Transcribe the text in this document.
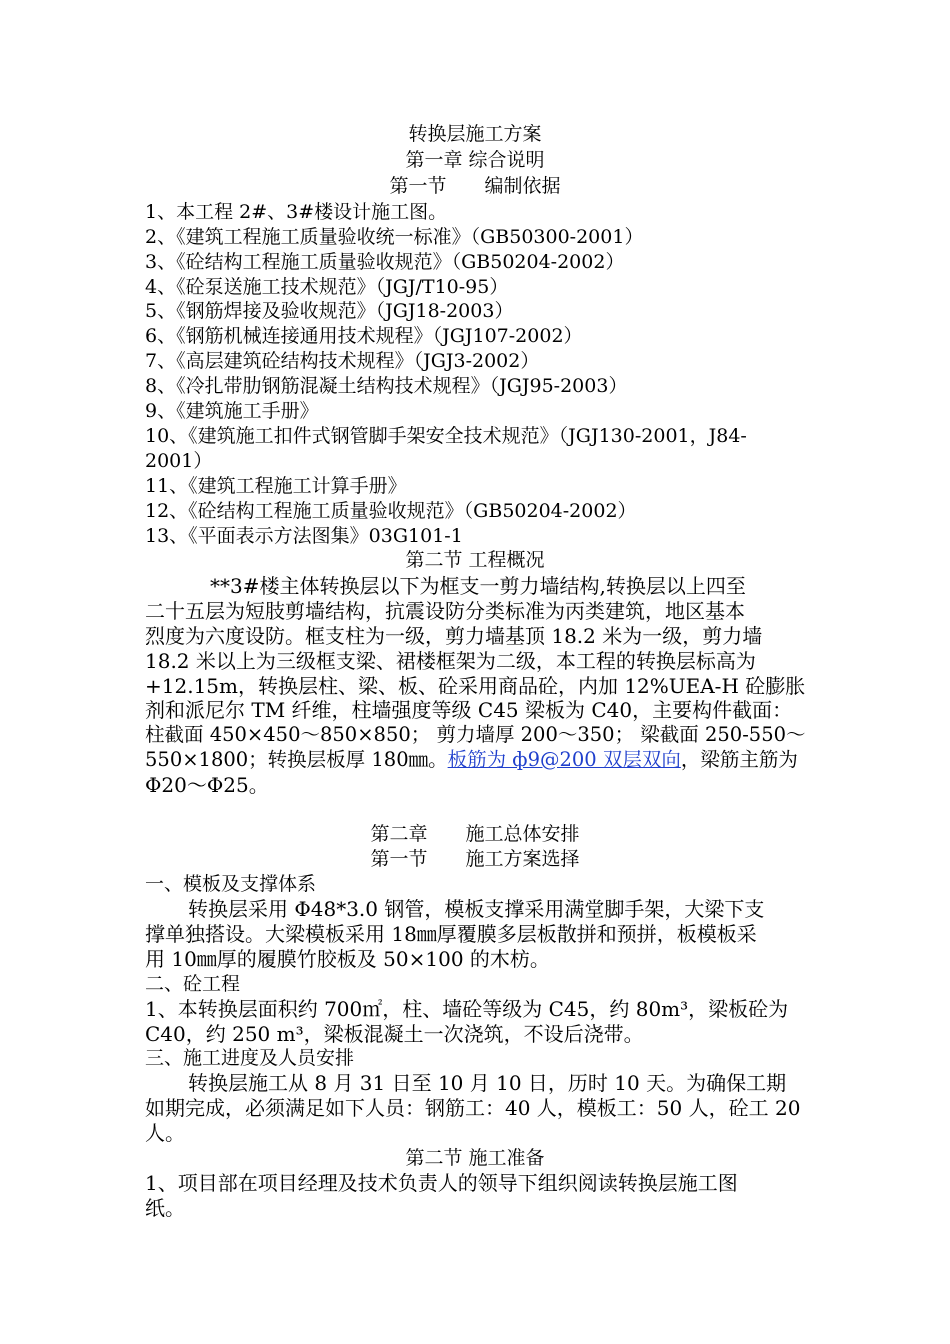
转换层施工方案
第一章 综合说明
第一节 编制依据
1、本工程 2#、3#楼设计施工图。
2、《建筑工程施工质量验收统一标准》（GB50300-2001）
3、《砼结构工程施工质量验收规范》（GB50204-2002）
4、《砼泵送施工技术规范》（JGJ/T10-95）
5、《钢筋焊接及验收规范》（JGJ18-2003）
6、《钢筋机械连接通用技术规程》（JGJ107-2002）
7、《高层建筑砼结构技术规程》（JGJ3-2002）
8、《冷扎带肋钢筋混凝土结构技术规程》（JGJ95-2003）
9、《建筑施工手册》
10、《建筑施工扣件式钢管脚手架安全技术规范》（JGJ130-2001，J84-
2001）
11、《建筑工程施工计算手册》
12、《砼结构工程施工质量验收规范》（GB50204-2002）
13、《平面表示方法图集》03G101-1
第二节 工程概况
**3#楼主体转换层以下为框支一剪力墙结构,转换层以上四至
二十五层为短肢剪墙结构，抗震设防分类标准为丙类建筑，地区基本
烈度为六度设防。框支柱为一级，剪力墙基顶 18.2 米为一级，剪力墙
18.2 米以上为三级框支梁、裙楼框架为二级，本工程的转换层标高为
+12.15m，转换层柱、梁、板、砼采用商品砼，内加 12%UEA-H 砼膨胀
剂和派尼尔 TM 纤维，柱墙强度等级 C45 梁板为 C40，主要构件截面：
柱截面 450×450～850×850； 剪力墙厚 200～350； 梁截面 250-550～
550×1800；转换层板厚 180㎜。板筋为 ф9@200 双层双向，梁筋主筋为
Φ20～Φ25。
第二章 施工总体安排
第一节 施工方案选择
一、模板及支撑体系
转换层采用 Φ48*3.0 钢管，模板支撑采用满堂脚手架，大梁下支
撑单独搭设。大梁模板采用 18㎜厚覆膜多层板散拼和预拼，板模板采
用 10㎜厚的履膜竹胶板及 50×100 的木枋。
二、砼工程
1、本转换层面积约 700㎡，柱、墙砼等级为 C45，约 80m³，梁板砼为
C40，约 250 m³，梁板混凝土一次浇筑，不设后浇带。
三、施工进度及人员安排
转换层施工从 8 月 31 日至 10 月 10 日，历时 10 天。为确保工期
如期完成，必须满足如下人员：钢筋工：40 人，模板工：50 人，砼工 20
人。
第二节 施工准备
1、项目部在项目经理及技术负责人的领导下组织阅读转换层施工图
纸。
